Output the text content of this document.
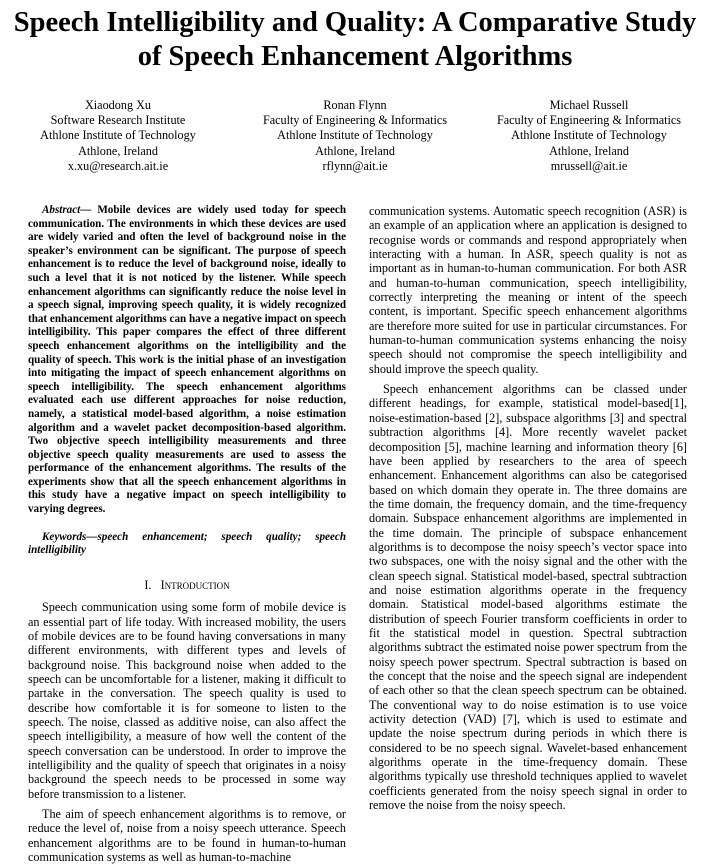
Speech Intelligibility and Quality: A Comparative Study of Speech Enhancement Algorithms
Xiaodong Xu
Software Research Institute
Athlone Institute of Technology
Athlone, Ireland
x.xu@research.ait.ie
Ronan Flynn
Faculty of Engineering & Informatics
Athlone Institute of Technology
Athlone, Ireland
rflynn@ait.ie
Michael Russell
Faculty of Engineering & Informatics
Athlone Institute of Technology
Athlone, Ireland
mrussell@ait.ie

Abstract— Mobile devices are widely used today for speech communication. The environments in which these devices are used are widely varied and often the level of background noise in the speaker’s environment can be significant. The purpose of speech enhancement is to reduce the level of background noise, ideally to such a level that it is not noticed by the listener. While speech enhancement algorithms can significantly reduce the noise level in a speech signal, improving speech quality, it is widely recognized that enhancement algorithms can have a negative impact on speech intelligibility. This paper compares the effect of three different speech enhancement algorithms on the intelligibility and the quality of speech. This work is the initial phase of an investigation into mitigating the impact of speech enhancement algorithms on speech intelligibility. The speech enhancement algorithms evaluated each use different approaches for noise reduction, namely, a statistical model-based algorithm, a noise estimation algorithm and a wavelet packet decomposition-based algorithm. Two objective speech intelligibility measurements and three objective speech quality measurements are used to assess the performance of the enhancement algorithms. The results of the experiments show that all the speech enhancement algorithms in this study have a negative impact on speech intelligibility to varying degrees.

Keywords—speech enhancement; speech quality; speech intelligibility

I. Introduction

Speech communication using some form of mobile device is an essential part of life today. With increased mobility, the users of mobile devices are to be found having conversations in many different environments, with different types and levels of background noise. This background noise when added to the speech can be uncomfortable for a listener, making it difficult to partake in the conversation. The speech quality is used to describe how comfortable it is for someone to listen to the speech. The noise, classed as additive noise, can also affect the speech intelligibility, a measure of how well the content of the speech conversation can be understood. In order to improve the intelligibility and the quality of speech that originates in a noisy background the speech needs to be processed in some way before transmission to a listener.

The aim of speech enhancement algorithms is to remove, or reduce the level of, noise from a noisy speech utterance. Speech enhancement algorithms are to be found in human-to-human communication systems as well as human-to-machine

communication systems. Automatic speech recognition (ASR) is an example of an application where an application is designed to recognise words or commands and respond appropriately when interacting with a human. In ASR, speech quality is not as important as in human-to-human communication. For both ASR and human-to-human communication, speech intelligibility, correctly interpreting the meaning or intent of the speech content, is important. Specific speech enhancement algorithms are therefore more suited for use in particular circumstances. For human-to-human communication systems enhancing the noisy speech should not compromise the speech intelligibility and should improve the speech quality.

Speech enhancement algorithms can be classed under different headings, for example, statistical model-based[1], noise-estimation-based [2], subspace algorithms [3] and spectral subtraction algorithms [4]. More recently wavelet packet decomposition [5], machine learning and information theory [6] have been applied by researchers to the area of speech enhancement. Enhancement algorithms can also be categorised based on which domain they operate in. The three domains are the time domain, the frequency domain, and the time-frequency domain. Subspace enhancement algorithms are implemented in the time domain. The principle of subspace enhancement algorithms is to decompose the noisy speech’s vector space into two subspaces, one with the noisy signal and the other with the clean speech signal. Statistical model-based, spectral subtraction and noise estimation algorithms operate in the frequency domain. Statistical model-based algorithms estimate the distribution of speech Fourier transform coefficients in order to fit the statistical model in question. Spectral subtraction algorithms subtract the estimated noise power spectrum from the noisy speech power spectrum. Spectral subtraction is based on the concept that the noise and the speech signal are independent of each other so that the clean speech spectrum can be obtained. The conventional way to do noise estimation is to use voice activity detection (VAD) [7], which is used to estimate and update the noise spectrum during periods in which there is considered to be no speech signal. Wavelet-based enhancement algorithms operate in the time-frequency domain. These algorithms typically use threshold techniques applied to wavelet coefficients generated from the noisy speech signal in order to remove the noise from the noisy speech.
